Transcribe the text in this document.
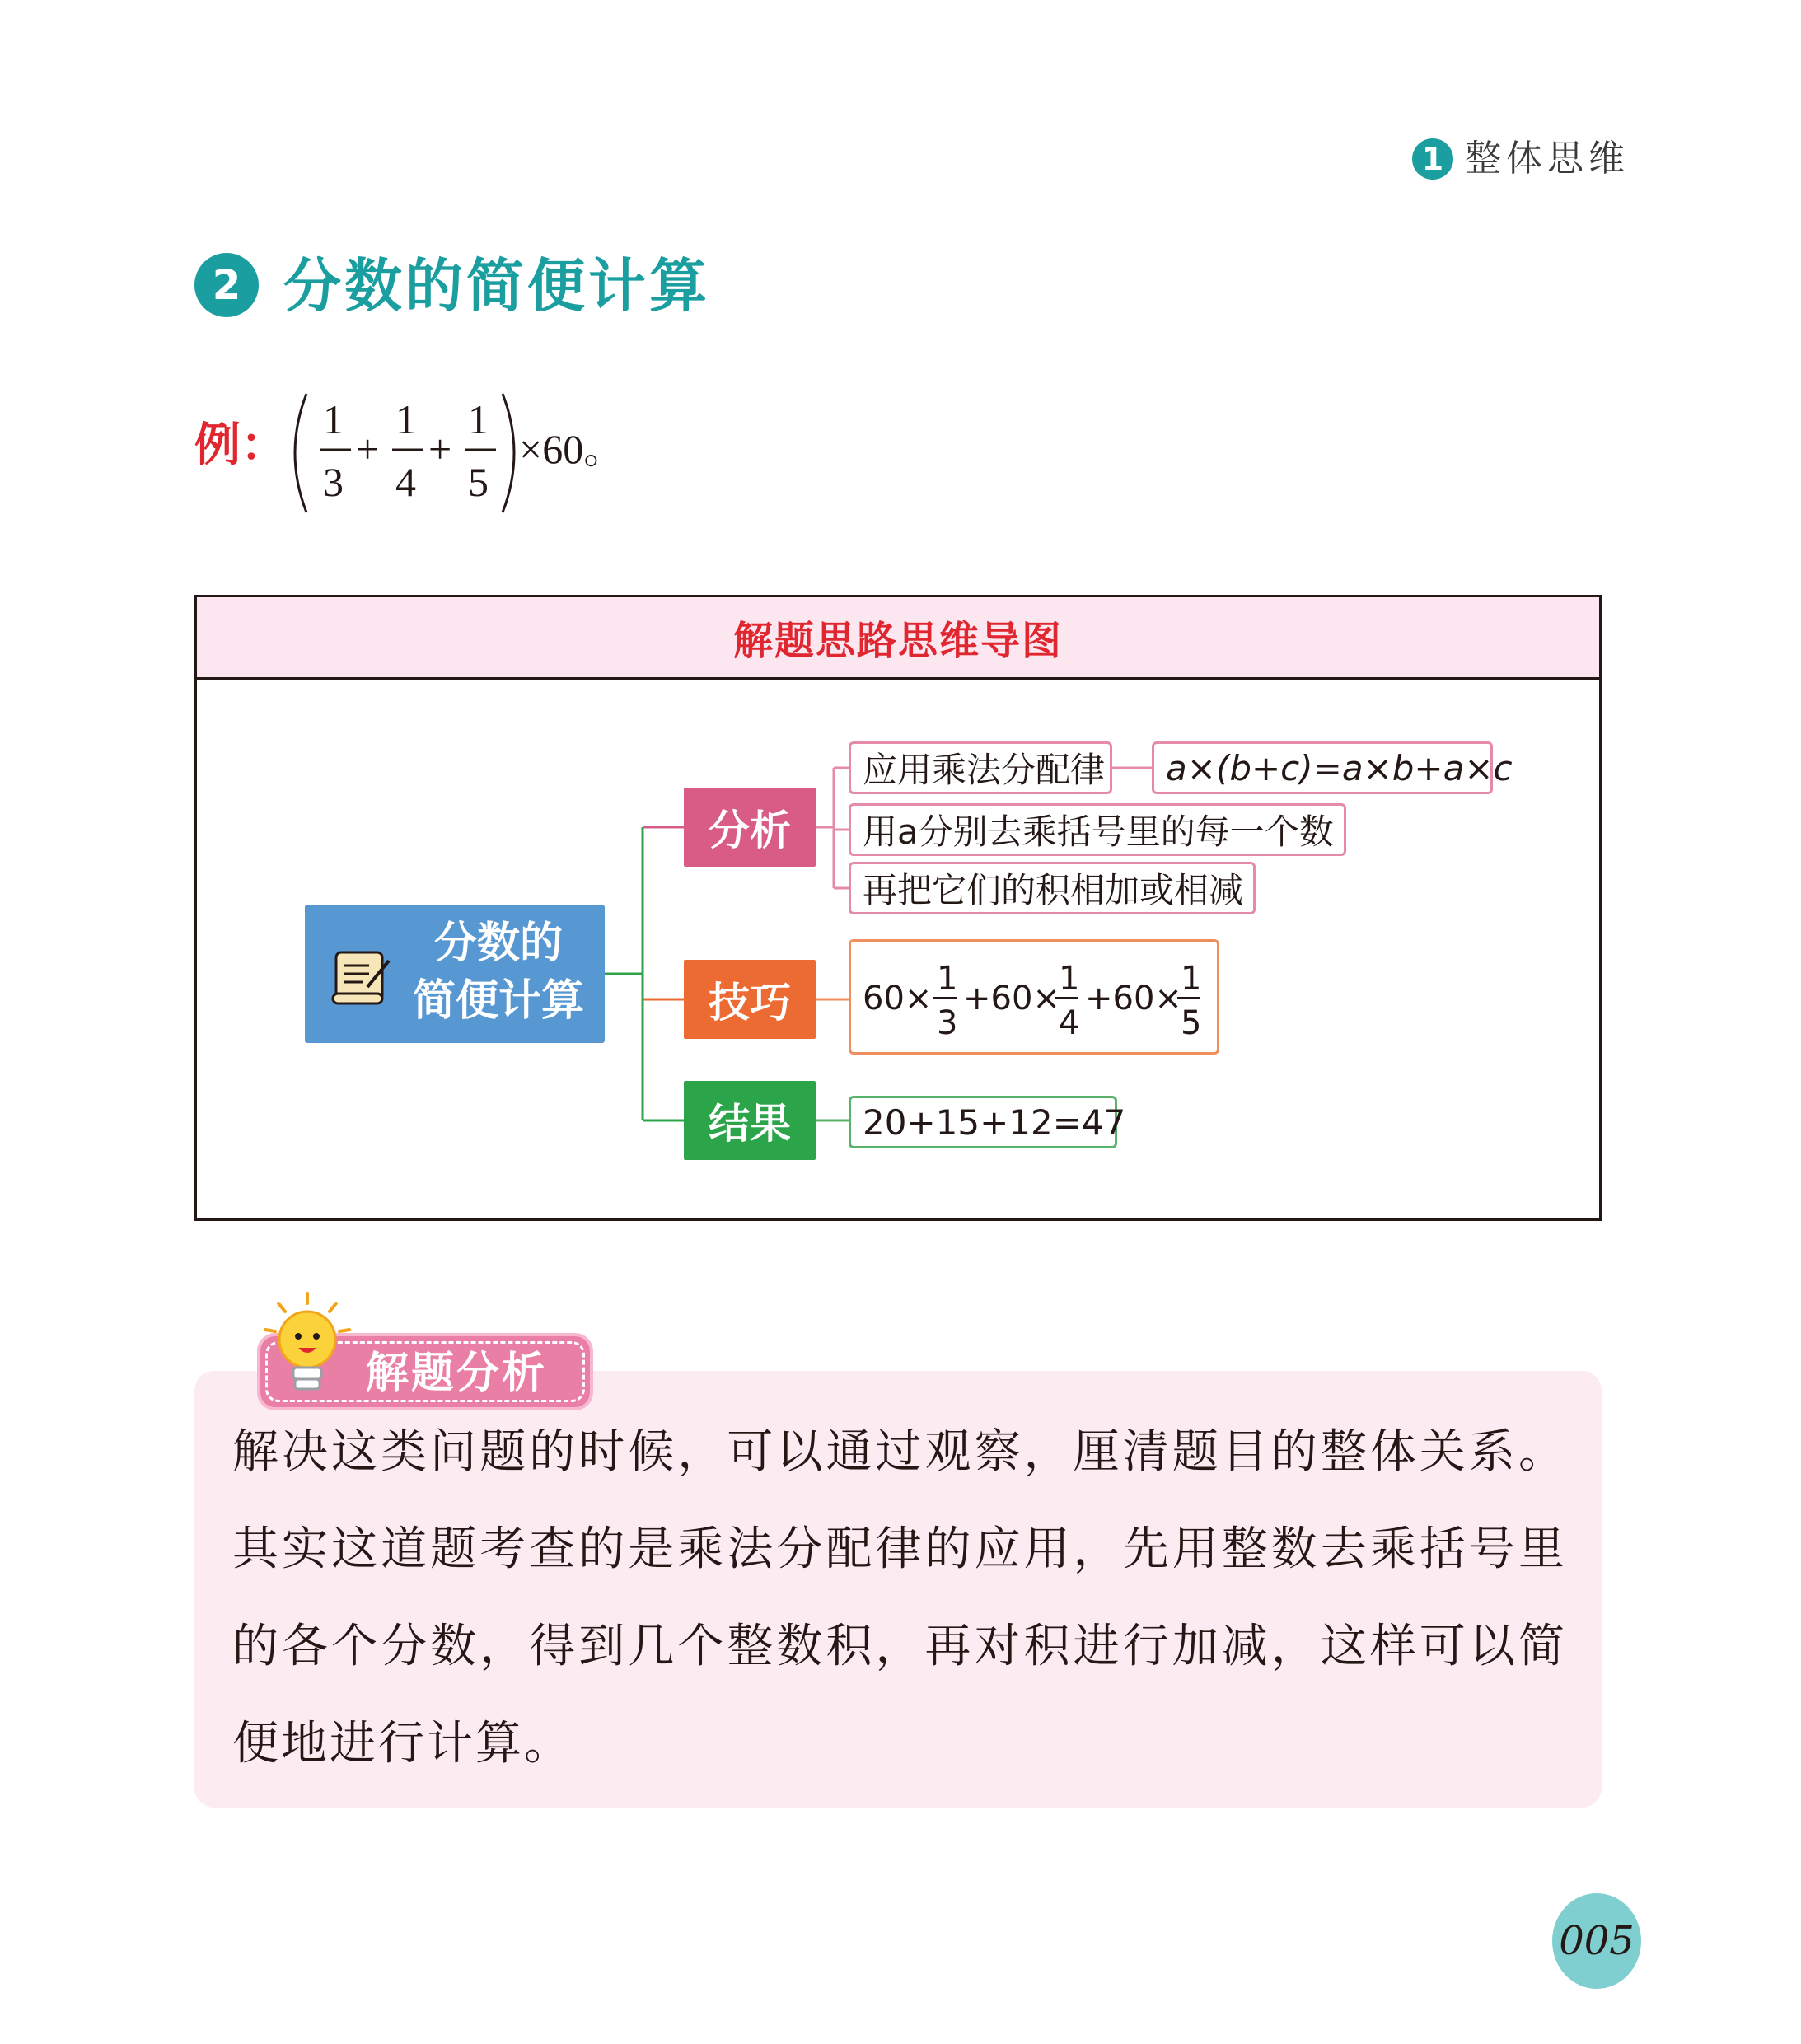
1 整体思维
2 分数的简便计算
例： 1
3
+
1
4
+
1
5
×60。
解题思路思维导图
分数的
简便计算
分析
技巧
结果
应用乘法分配律	a×(b+c)=a×b+a×c
用a分别去乘括号里的每一个数
再把它们的积相加或相减
60×
1
3
+60×
1
4
+60×
1
5
20+15+12=47
解题分析
解决这类问题的时候，可以通过观察，厘清题目的整体关系。其实这道题考查的是乘法分配律的应用，先用整数去乘括号里的各个分数，得到几个整数积，再对积进行加减，这样可以简便地进行计算。
005
